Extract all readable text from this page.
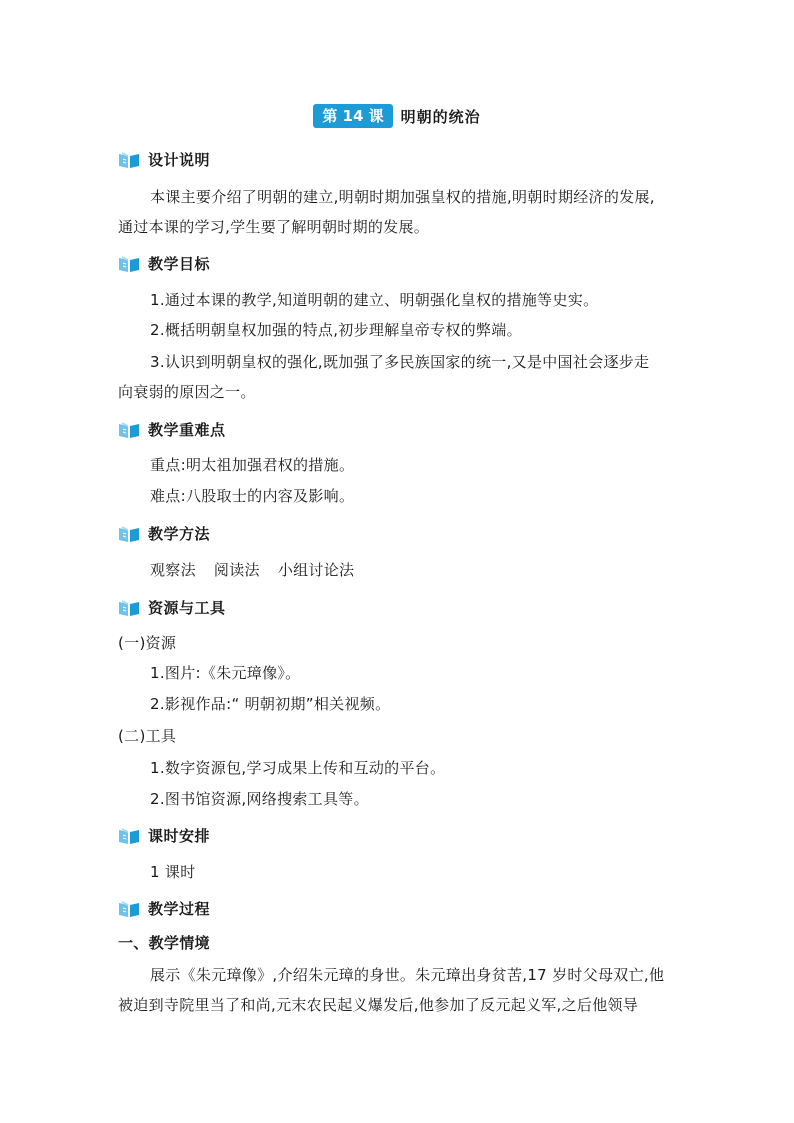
第 14 课	明朝的统治
设计说明
本课主要介绍了明朝的建立,明朝时期加强皇权的措施,明朝时期经济的发展,
通过本课的学习,学生要了解明朝时期的发展。
教学目标
1.通过本课的教学,知道明朝的建立、明朝强化皇权的措施等史实。
2.概括明朝皇权加强的特点,初步理解皇帝专权的弊端。
3.认识到明朝皇权的强化,既加强了多民族国家的统一,又是中国社会逐步走
向衰弱的原因之一。
教学重难点
重点:明太祖加强君权的措施。
难点:八股取士的内容及影响。
教学方法
观察法 阅读法 小组讨论法
资源与工具
(一)资源
1.图片:《朱元璋像》。
2.影视作品:“ 明朝初期”相关视频。
(二)工具
1.数字资源包,学习成果上传和互动的平台。
2.图书馆资源,网络搜索工具等。
课时安排
1 课时
教学过程
一、教学情境
展示《朱元璋像》,介绍朱元璋的身世。朱元璋出身贫苦,17 岁时父母双亡,他
被迫到寺院里当了和尚,元末农民起义爆发后,他参加了反元起义军,之后他领导
